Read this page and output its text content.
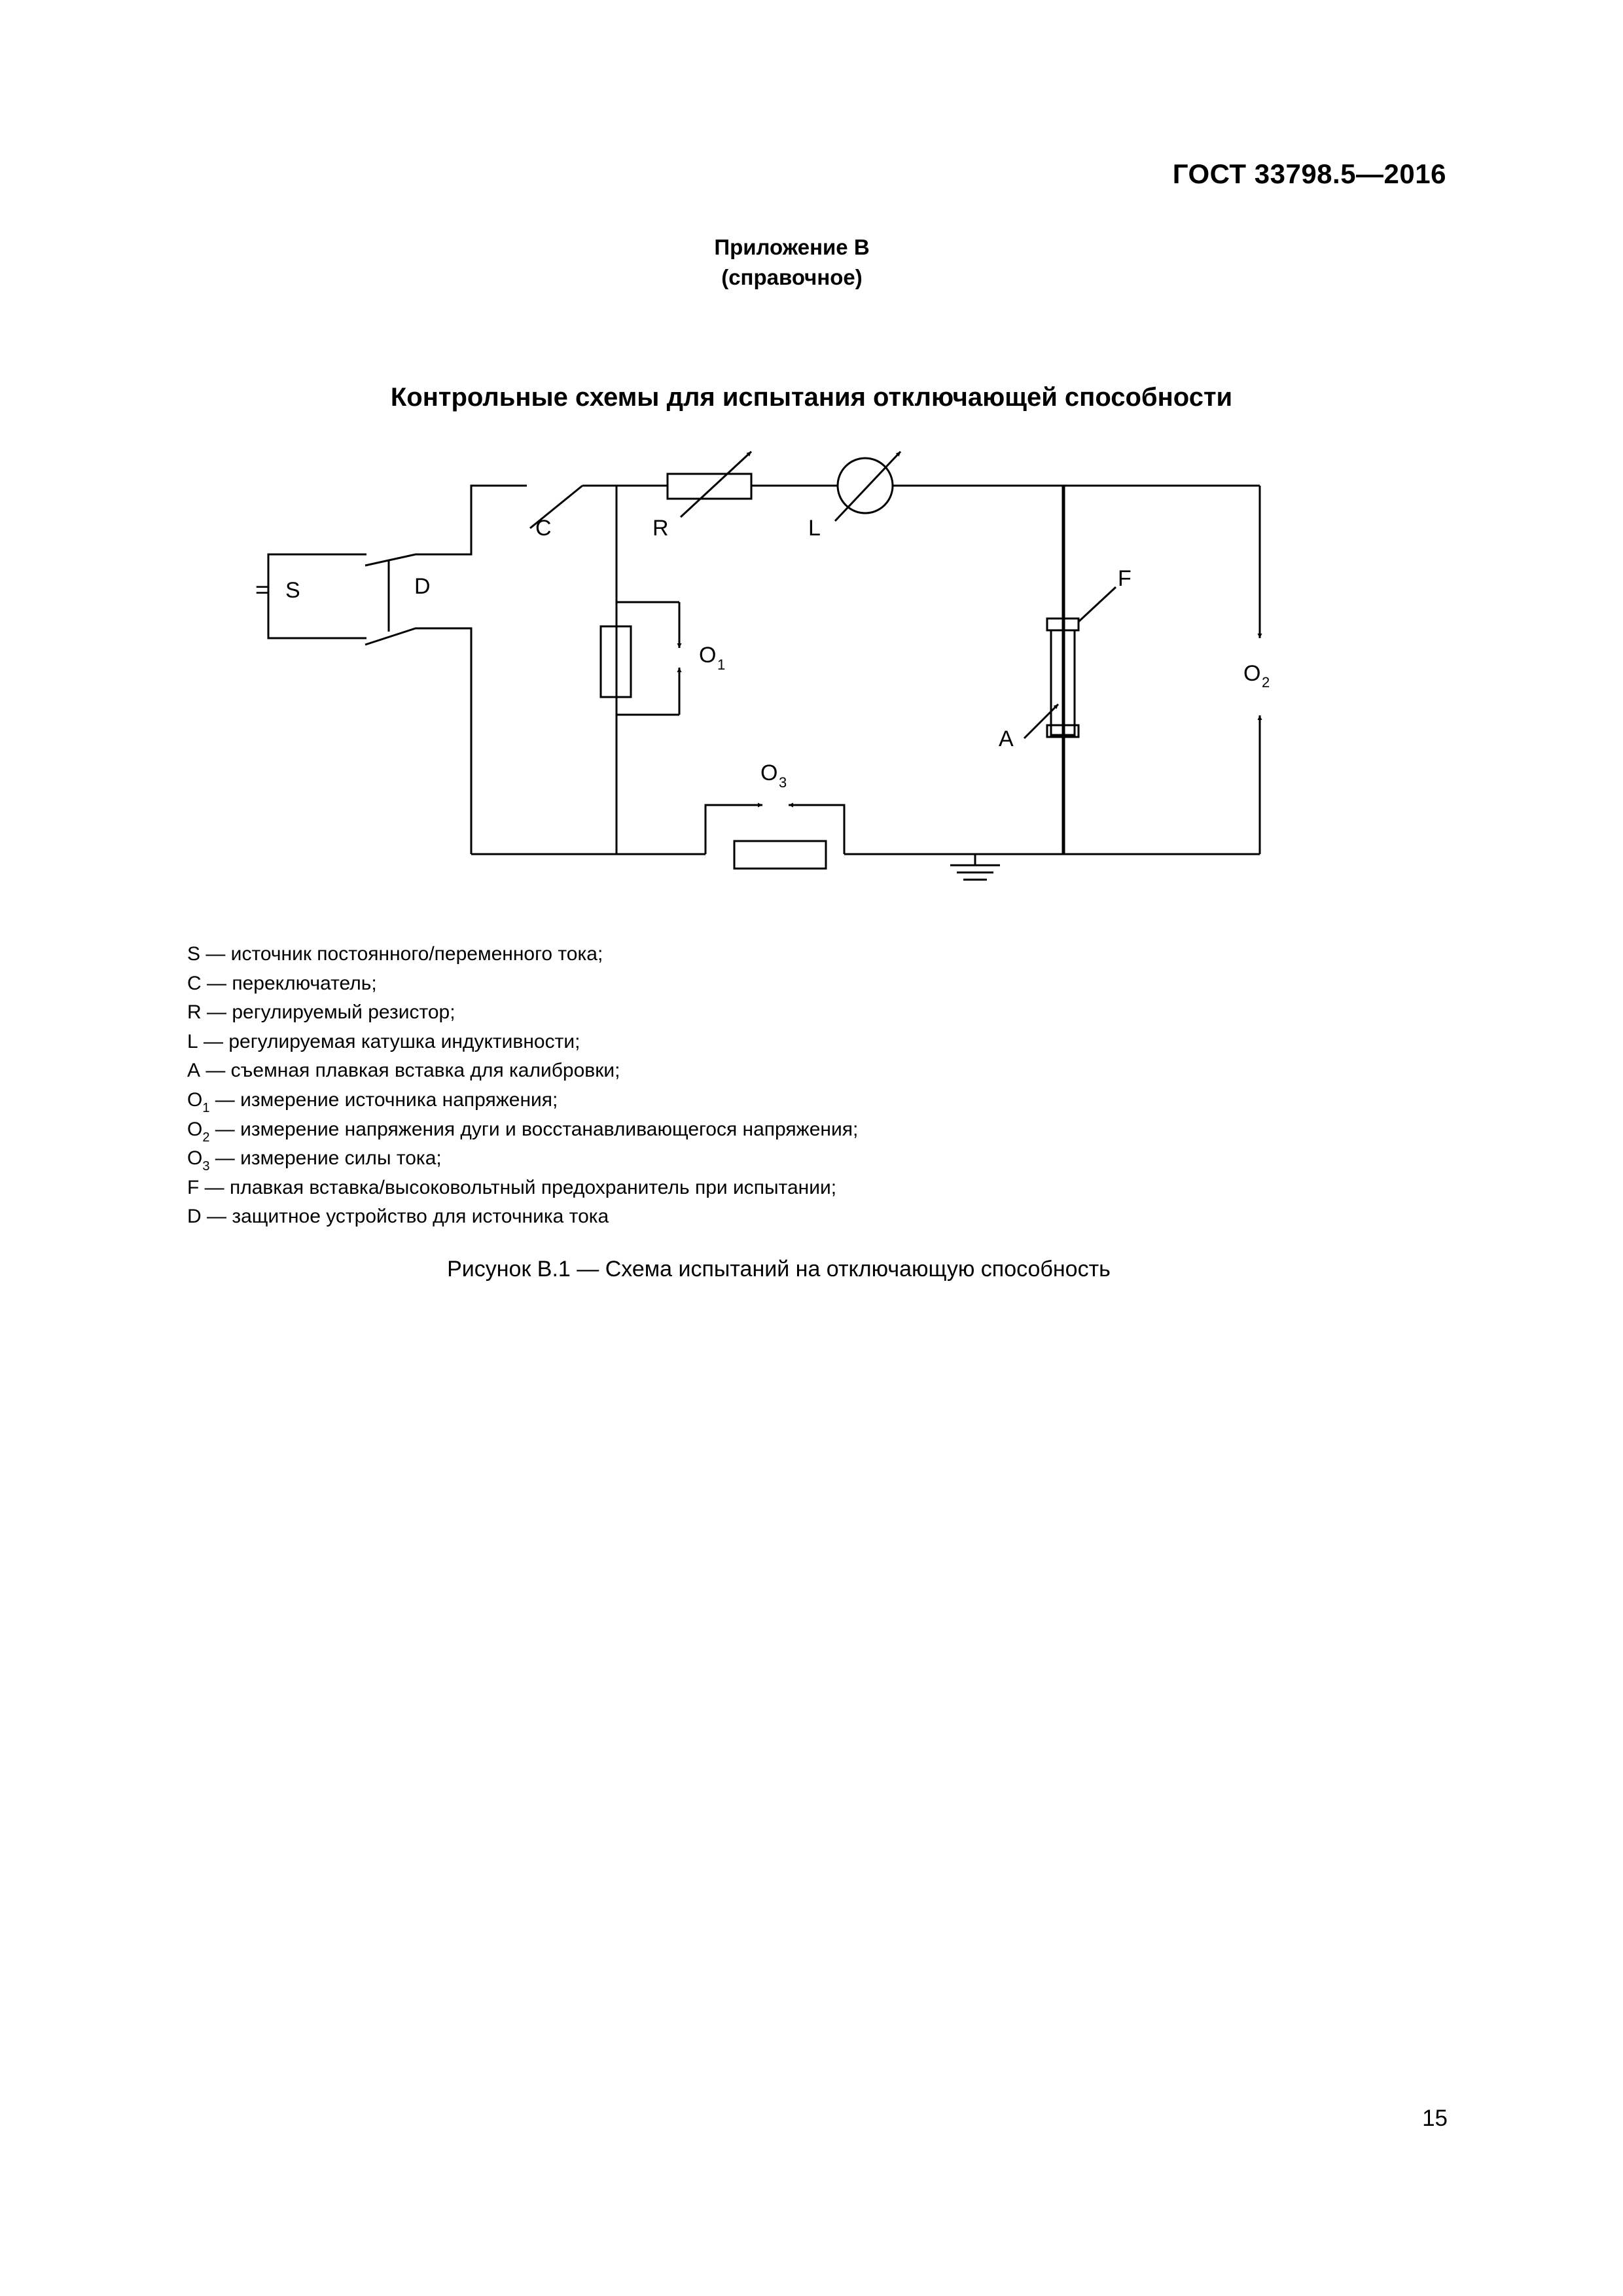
ГОСТ 33798.5—2016
Приложение В
(справочное)
Контрольные схемы для испытания отключающей способности
C	R	L
= S	D	F
A
O 1	O 2
O 3
S — источник постоянного/переменного тока;
C — переключатель;
R — регулируемый резистор;
L — регулируемая катушка индуктивности;
A — съемная плавкая вставка для калибровки;
$O_1$ — измерение источника напряжения;
$O_2$ — измерение напряжения дуги и восстанавливающегося напряжения;
$O_3$ — измерение силы тока;
F — плавкая вставка/высоковольтный предохранитель при испытании;
D — защитное устройство для источника тока
Рисунок В.1 — Схема испытаний на отключающую способность
15
